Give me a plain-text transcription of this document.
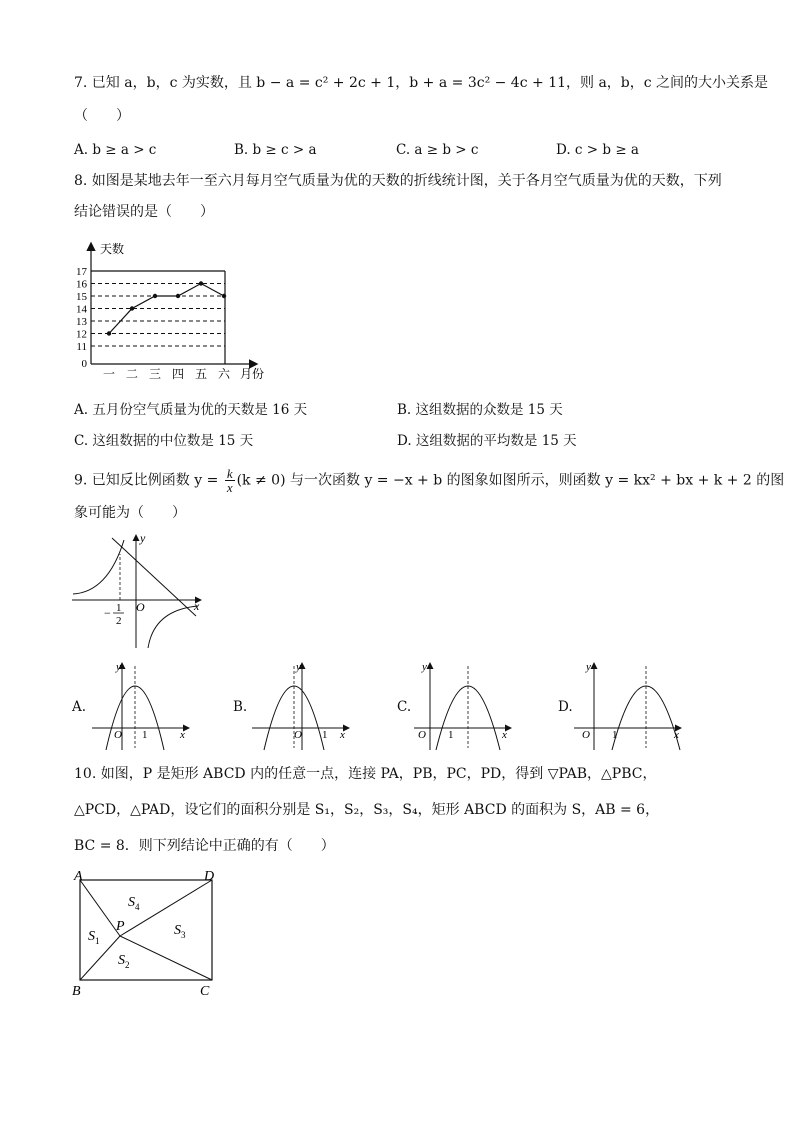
7. 已知 a，b，c 为实数，且 b − a = c² + 2c + 1，b + a = 3c² − 4c + 11，则 a，b，c 之间的大小关系是
（　　）
A. b ≥ a > c	B. b ≥ c > a	C. a ≥ b > c	D. c > b ≥ a
8. 如图是某地去年一至六月每月空气质量为优的天数的折线统计图，关于各月空气质量为优的天数，下列
结论错误的是（　　）
天数
月份
0
11
12
13
14
15
16
17
一 二 三 四 五 六
A. 五月份空气质量为优的天数是 16 天	B. 这组数据的众数是 15 天
C. 这组数据的中位数是 15 天	D. 这组数据的平均数是 15 天
9. 已知反比例函数 $y = \frac{k}{x} (k \ne 0)$ 与一次函数 y = −x + b 的图象如图所示，则函数 y = kx² + bx + k + 2 的图
象可能为（　　）
y
x
O
− 1
2
A.
y
x
O 1
B.
y
x
O 1
C.
y
x
O 1
D.
y
x
O 1
10. 如图，P 是矩形 ABCD 内的任意一点，连接 PA，PB，PC，PD，得到 ▽PAB，△PBC，
△PCD，△PAD，设它们的面积分别是 S₁，S₂，S₃，S₄，矩形 ABCD 的面积为 S，AB = 6，
BC = 8．则下列结论中正确的有（　　）
A	D
B	C
P
$S_4$
$S_1$
$S_3$
$S_2$
